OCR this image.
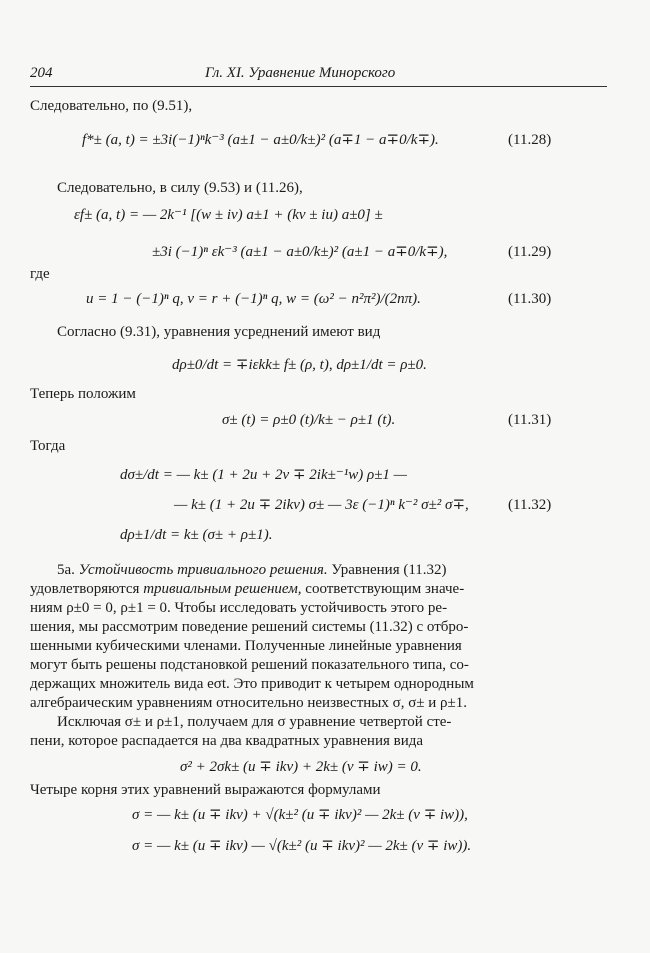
204	Гл. XI. Уравнение Минорского
Следовательно, по (9.51),
f*± (a, t) = ±3i(−1)ⁿk⁻³ (a±1 − a±0/k±)² (a∓1 − a∓0/k∓).	(11.28)
Следовательно, в силу (9.53) и (11.26),
εf± (a, t) = — 2k⁻¹ [(w ± iv) a±1 + (kv ± iu) a±0] ±
±3i (−1)ⁿ εk⁻³ (a±1 − a±0/k±)² (a±1 − a∓0/k∓),	(11.29)
где
u = 1 − (−1)ⁿ q, v = r + (−1)ⁿ q, w = (ω² − n²π²)/(2nπ).	(11.30)
Согласно (9.31), уравнения усреднений имеют вид
dρ±0/dt = ∓iεkk± f± (ρ, t), dρ±1/dt = ρ±0.
Теперь положим
σ± (t) = ρ±0 (t)/k± − ρ±1 (t).	(11.31)
Тогда
dσ±/dt = — k± (1 + 2u + 2v ∓ 2ik±⁻¹w) ρ±1 —
— k± (1 + 2u ∓ 2ikv) σ± — 3ε (−1)ⁿ k⁻² σ±² σ∓,	(11.32)
dρ±1/dt = k± (σ± + ρ±1).
5а. Устойчивость тривиального решения. Уравнения (11.32)
удовлетворяются тривиальным решением, соответствующим значе-
ниям ρ±0 = 0, ρ±1 = 0. Чтобы исследовать устойчивость этого ре-
шения, мы рассмотрим поведение решений системы (11.32) с отбро-
шенными кубическими членами. Полученные линейные уравнения
могут быть решены подстановкой решений показательного типа, со-
держащих множитель вида eσt. Это приводит к четырем однородным
алгебраическим уравнениям относительно неизвестных σ, σ± и ρ±1.
Исключая σ± и ρ±1, получаем для σ уравнение четвертой сте-
пени, которое распадается на два квадратных уравнения вида
σ² + 2σk± (u ∓ ikv) + 2k± (v ∓ iw) = 0.
Четыре корня этих уравнений выражаются формулами
σ = — k± (u ∓ ikv) + √(k±² (u ∓ ikv)² — 2k± (v ∓ iw)),
σ = — k± (u ∓ ikv) — √(k±² (u ∓ ikv)² — 2k± (v ∓ iw)).
